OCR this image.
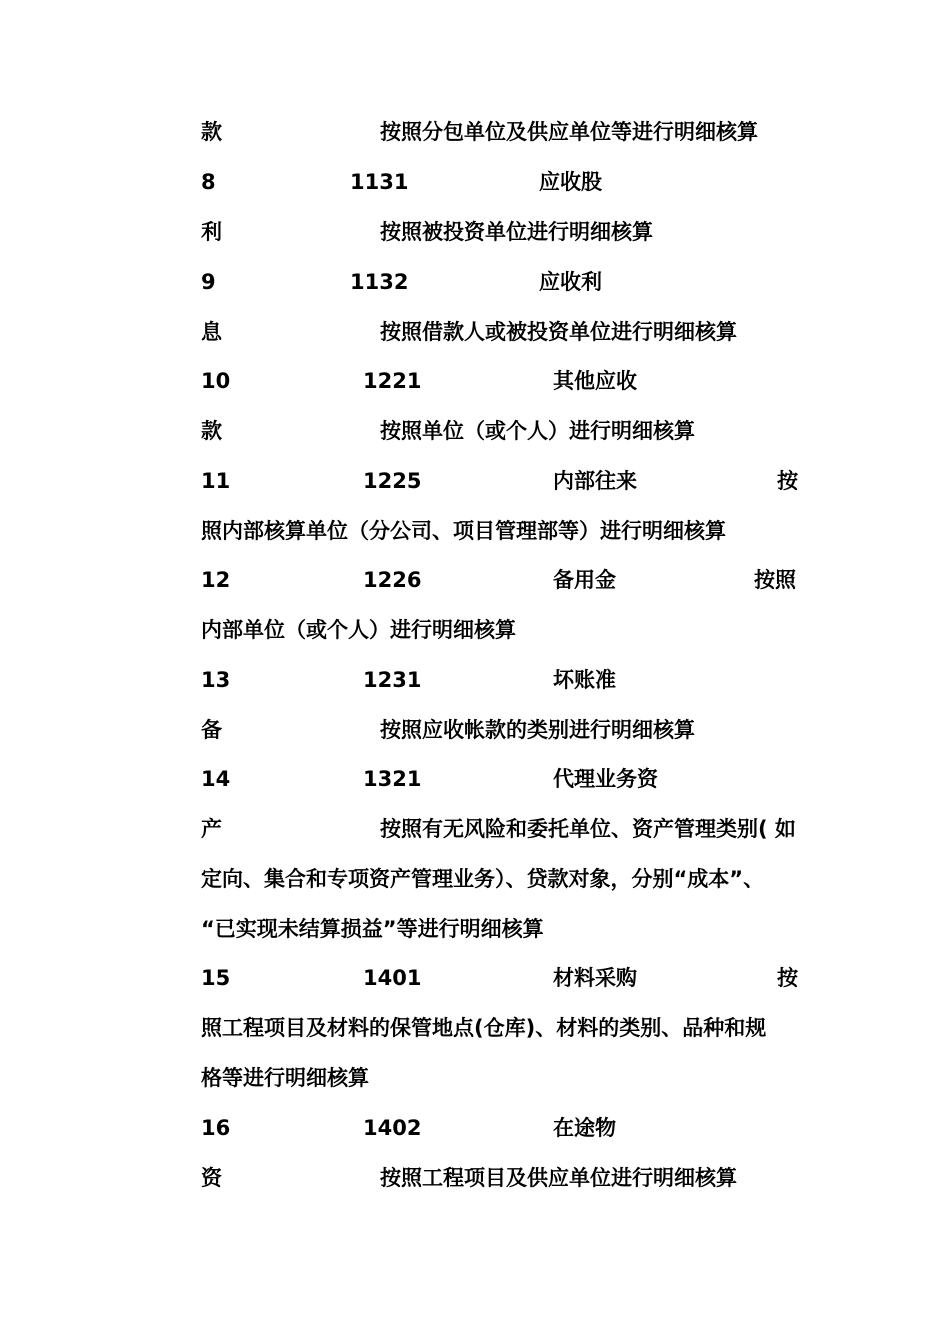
款	按照分包单位及供应单位等进行明细核算
8	1131	应收股
利	按照被投资单位进行明细核算
9	1132	应收利
息	按照借款人或被投资单位进行明细核算
10	1221	其他应收
款	按照单位（或个人）进行明细核算
11	1225	内部往来	按
照内部核算单位（分公司、项目管理部等）进行明细核算
12	1226	备用金	按照
内部单位（或个人）进行明细核算
13	1231	坏账准
备	按照应收帐款的类别进行明细核算
14	1321	代理业务资
产	按照有无风险和委托单位、资产管理类别( 如
定向、集合和专项资产管理业务）、贷款对象，分别“成本”、
“已实现未结算损益”等进行明细核算
15	1401	材料采购	按
照工程项目及材料的保管地点(仓库)、材料的类别、品种和规
格等进行明细核算
16	1402	在途物
资	按照工程项目及供应单位进行明细核算
